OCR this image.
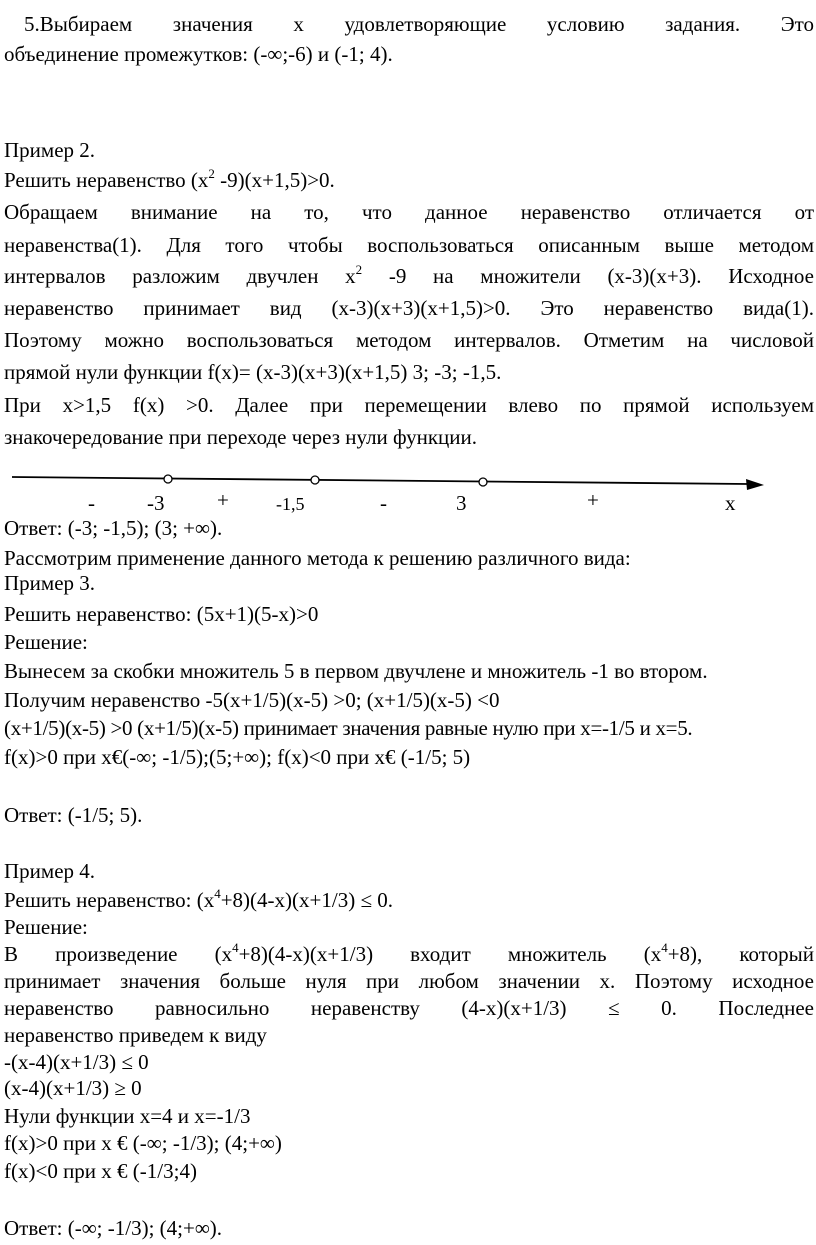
5.Выбираем значения х удовлетворяющие условию задания. Это
объединение промежутков: (-∞;-6) и (-1; 4).
Пример 2.
Решить неравенство ($х^2$ -9)(х+1,5)>0.
Обращаем внимание на то, что данное неравенство отличается от
неравенства(1). Для того чтобы воспользоваться описанным выше методом
интервалов разложим двучлен $х^2$ -9 на множители (х-3)(х+3). Исходное
неравенство принимает вид (х-3)(х+3)(х+1,5)>0. Это неравенство вида(1).
Поэтому можно воспользоваться методом интервалов. Отметим на числовой
прямой нули функции f(x)= (х-3)(х+3)(х+1,5) 3; -3; -1,5.
При х>1,5 f(x) >0. Далее при перемещении влево по прямой используем
знакочередование при переходе через нули функции.
- -3	+	-1,5	-	3	+	x
Ответ: (-3; -1,5); (3; +∞).
Рассмотрим применение данного метода к решению различного вида:
Пример 3.
Решить неравенство: (5х+1)(5-х)>0
Решение:
Вынесем за скобки множитель 5 в первом двучлене и множитель -1 во втором.
Получим неравенство -5(х+1/5)(х-5) >0; (х+1/5)(х-5) <0
(х+1/5)(х-5) >0 (х+1/5)(х-5) принимает значения равные нулю при х=-1/5 и х=5.
f(x)>0 при х€(-∞; -1/5);(5;+∞); f(x)<0 при х€ (-1/5; 5)
Ответ: (-1/5; 5).
Пример 4.
Решить неравенство: $(х^4+8)(4-х)(х+1/3) \le 0$.
Решение:
В произведение $(х^4+8)(4-х)(х+1/3)$ входит множитель $(х^4+8)$, который
принимает значения больше нуля при любом значении х. Поэтому исходное
неравенство равносильно неравенству (4-х)(х+1/3) ≤ 0. Последнее
неравенство приведем к виду
-(х-4)(х+1/3) ≤ 0
(х-4)(х+1/3) ≥ 0
Нули функции х=4 и х=-1/3
f(x)>0 при х € (-∞; -1/3); (4;+∞)
f(x)<0 при х € (-1/3;4)
Ответ: (-∞; -1/3); (4;+∞).
